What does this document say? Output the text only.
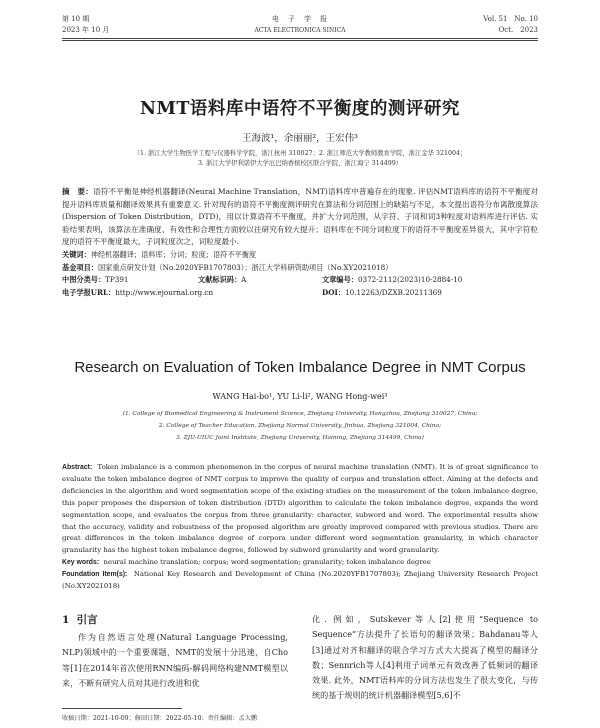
第 10 期
2023 年 10 月
电　子　学　报
ACTA ELECTRONICA SINICA
Vol. 51　No. 10
Oct.　2023
NMT语料库中语符不平衡度的测评研究
王海波¹，余丽丽²，王宏伟³
（1. 浙江大学生物医学工程与仪器科学学院，浙江杭州 310027；2. 浙江师范大学教师教育学院，浙江金华 321004；
3. 浙江大学伊利诺伊大学厄巴纳香槟校区联合学院，浙江海宁 314499）
摘　要：语符不平衡是神经机器翻译(Neural Machine Translation，NMT)语料库中普遍存在的现象. 评估NMT语料库的语符不平衡度对提升语料库质量和翻译效果具有重要意义. 针对现有的语符不平衡度测评研究在算法和分词范围上的缺陷与不足，本文提出语符分布离散度算法(Dispersion of Token Distribution，DTD)，用以计算语符不平衡度，并扩大分词范围，从字符、子词和词3种粒度对语料库进行评估. 实验结果表明，该算法在准确度、有效性和合理性方面较以往研究有较大提升；语料库在不同分词粒度下的语符不平衡度差异很大，其中字符粒度的语符不平衡度最大，子词粒度次之，词粒度最小.
关键词：神经机器翻译；语料库；分词；粒度；语符不平衡度
基金项目：国家重点研发计划（No.2020YFB1707803）；浙江大学科研资助项目（No.XY2021018）
中图分类号：TP391	文献标识码：A	文章编号：0372-2112(2023)10-2884-10
电子学报URL：http://www.ejournal.org.cn	DOI：10.12263/DZXB.20211369
Research on Evaluation of Token Imbalance Degree in NMT Corpus
WANG Hai-bo¹, YU Li-li², WANG Hong-wei³
(1. College of Biomedical Engineering & Instrument Science, Zhejiang University, Hangzhou, Zhejiang 310027, China;
2. College of Teacher Education, Zhejiang Normal University, Jinhua, Zhejiang 321004, China;
3. ZJU-UIUC Joint Institute, Zhejiang University, Haining, Zhejiang 314499, China)
Abstract: Token imbalance is a common phenomenon in the corpus of neural machine translation (NMT). It is of great significance to evaluate the token imbalance degree of NMT corpus to improve the quality of corpus and translation effect. Aiming at the defects and deficiencies in the algorithm and word segmentation scope of the existing studies on the measurement of the token imbalance degree, this paper proposes the dispersion of token distribution (DTD) algorithm to calculate the token imbalance degree, expands the word segmentation scope, and evaluates the corpus from three granularity: character, subword and word. The experimental results show that the accuracy, validity and robustness of the proposed algorithm are greatly improved compared with previous studies. There are great differences in the token imbalance degree of corpora under different word segmentation granularity, in which character granularity has the highest token imbalance degree, followed by subword granularity and word granularity.
Key words: neural machine translation; corpus; word segmentation; granularity; token imbalance degree
Foundation Item(s): National Key Research and Development of China (No.2020YFB1707803); Zhejiang University Research Project (No.XY2021018)
1 引言
作为自然语言处理(Natural Language Processing, NLP)领域中的一个重要课题，NMT的发展十分迅速，自Cho等[1]在2014年首次使用RNN编码-解码网络构建NMT模型以来，不断有研究人员对其进行改进和优
化. 例如，Sutskever等人[2]使用“Sequence to Sequence”方法提升了长语句的翻译效果；Bahdanau等人[3]通过对齐和翻译的联合学习方式大大提高了模型的翻译分数；Sennrich等人[4]利用子词单元有效改善了低频词的翻译效果. 此外，NMT语料库的分词方法也发生了很大变化，与传统的基于规则的统计机器翻译模型[5,6]不
收稿日期：2021-10-09；修回日期：2022-05-10；责任编辑：孟大鹏
